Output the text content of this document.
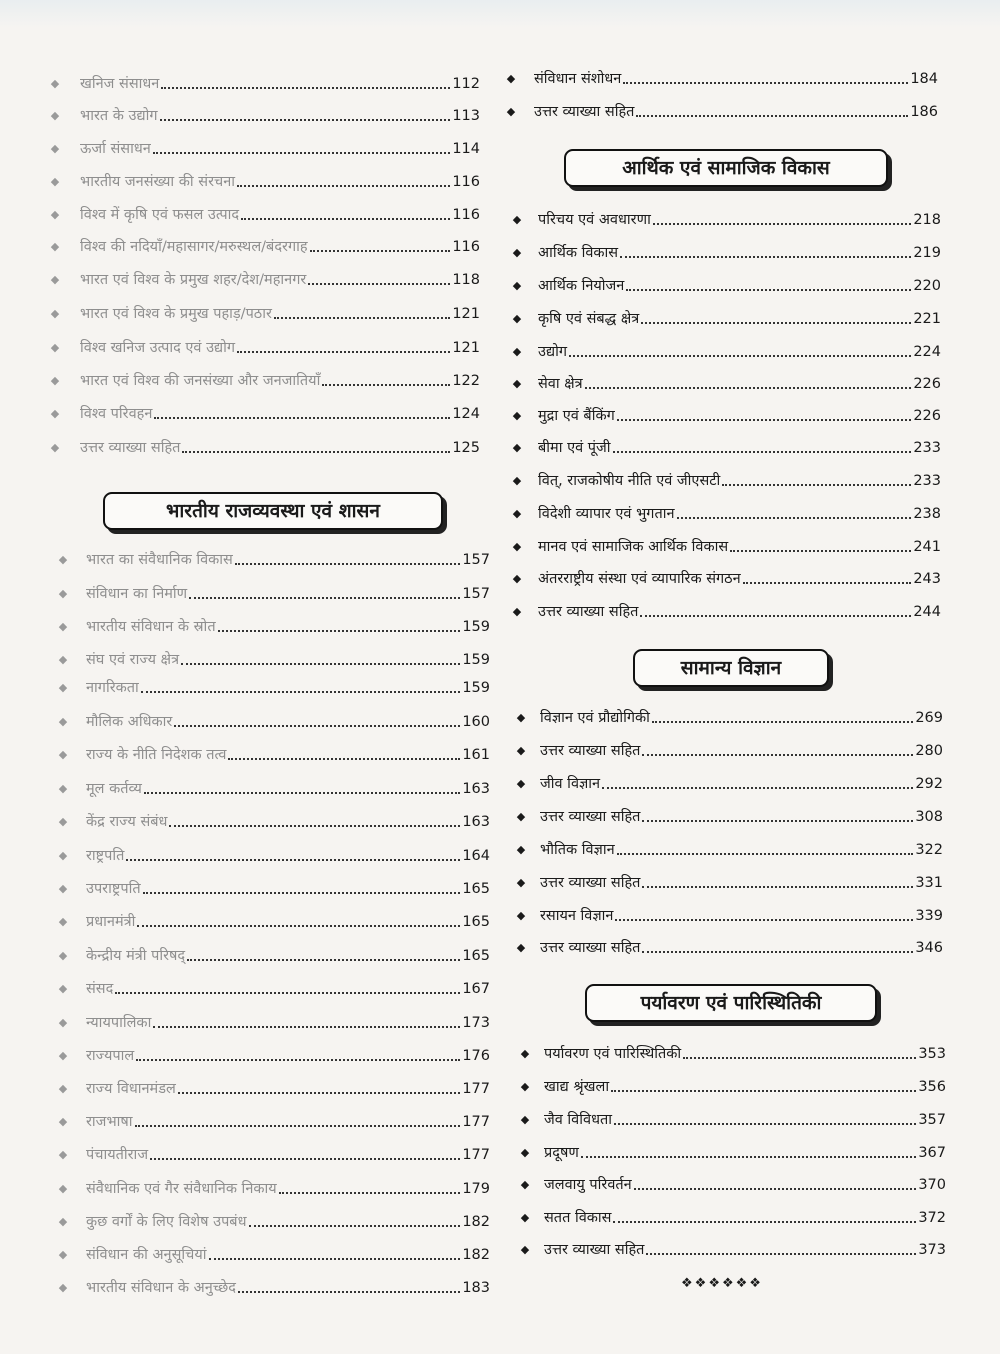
◆ खनिज संसाधन	112
◆ भारत के उद्योग	113
◆ ऊर्जा संसाधन	114
◆ भारतीय जनसंख्या की संरचना	116
◆ विश्व में कृषि एवं फसल उत्पाद	116
◆ विश्व की नदियाँ/महासागर/मरुस्थल/बंदरगाह	116
◆ भारत एवं विश्व के प्रमुख शहर/देश/महानगर	118
◆ भारत एवं विश्व के प्रमुख पहाड़/पठार	121
◆ विश्व खनिज उत्पाद एवं उद्योग	121
◆ भारत एवं विश्व की जनसंख्या और जनजातियाँ	122
◆ विश्व परिवहन	124
◆ उत्तर व्याख्या सहित	125
भारतीय राजव्यवस्था एवं शासन
◆ भारत का संवैधानिक विकास	157
◆ संविधान का निर्माण	157
◆ भारतीय संविधान के स्रोत	159
◆ संघ एवं राज्य क्षेत्र	159
◆ नागरिकता	159
◆ मौलिक अधिकार	160
◆ राज्य के नीति निदेशक तत्व	161
◆ मूल कर्तव्य	163
◆ केंद्र राज्य संबंध	163
◆ राष्ट्रपति	164
◆ उपराष्ट्रपति	165
◆ प्रधानमंत्री	165
◆ केन्द्रीय मंत्री परिषद्	165
◆ संसद	167
◆ न्यायपालिका	173
◆ राज्यपाल	176
◆ राज्य विधानमंडल	177
◆ राजभाषा	177
◆ पंचायतीराज	177
◆ संवैधानिक एवं गैर संवैधानिक निकाय	179
◆ कुछ वर्गों के लिए विशेष उपबंध	182
◆ संविधान की अनुसूचियां	182
◆ भारतीय संविधान के अनुच्छेद	183
◆ संविधान संशोधन	184
◆ उत्तर व्याख्या सहित	186
आर्थिक एवं सामाजिक विकास
◆ परिचय एवं अवधारणा	218
◆ आर्थिक विकास	219
◆ आर्थिक नियोजन	220
◆ कृषि एवं संबद्ध क्षेत्र	221
◆ उद्योग	224
◆ सेवा क्षेत्र	226
◆ मुद्रा एवं बैंकिंग	226
◆ बीमा एवं पूंजी	233
◆ वित्, राजकोषीय नीति एवं जीएसटी	233
◆ विदेशी व्यापार एवं भुगतान	238
◆ मानव एवं सामाजिक आर्थिक विकास	241
◆ अंतरराष्ट्रीय संस्था एवं व्यापारिक संगठन	243
◆ उत्तर व्याख्या सहित	244
सामान्य विज्ञान
◆ विज्ञान एवं प्रौद्योगिकी	269
◆ उत्तर व्याख्या सहित	280
◆ जीव विज्ञान	292
◆ उत्तर व्याख्या सहित	308
◆ भौतिक विज्ञान	322
◆ उत्तर व्याख्या सहित	331
◆ रसायन विज्ञान	339
◆ उत्तर व्याख्या सहित	346
पर्यावरण एवं पारिस्थितिकी
◆ पर्यावरण एवं पारिस्थितिकी	353
◆ खाद्य श्रृंखला	356
◆ जैव विविधता	357
◆ प्रदूषण	367
◆ जलवायु परिवर्तन	370
◆ सतत विकास	372
◆ उत्तर व्याख्या सहित	373
❖❖❖❖❖❖
